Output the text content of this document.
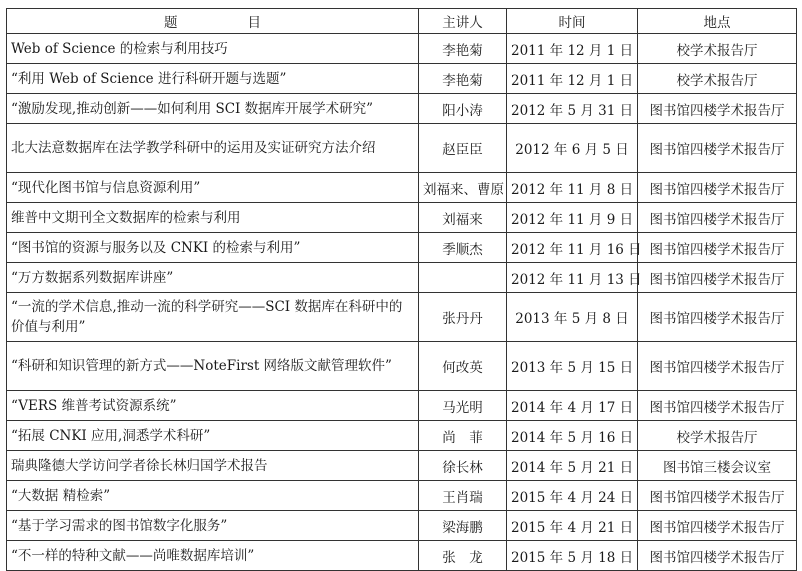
题 目	主讲人	时间	地点
Web of Science 的检索与利用技巧	李艳菊	2011 年 12 月 1 日	校学术报告厅
“利用 Web of Science 进行科研开题与选题”	李艳菊	2011 年 12 月 1 日	校学术报告厅
“激励发现,推动创新——如何利用 SCI 数据库开展学术研究”	阳小涛	2012 年 5 月 31 日	图书馆四楼学术报告厅
北大法意数据库在法学教学科研中的运用及实证研究方法介绍	赵臣臣	2012 年 6 月 5 日	图书馆四楼学术报告厅
“现代化图书馆与信息资源利用”	刘福来、曹原	2012 年 11 月 8 日	图书馆四楼学术报告厅
维普中文期刊全文数据库的检索与利用	刘福来	2012 年 11 月 9 日	图书馆四楼学术报告厅
“图书馆的资源与服务以及 CNKI 的检索与利用”	季顺杰	2012 年 11 月 16 日	图书馆四楼学术报告厅
“万方数据系列数据库讲座”		2012 年 11 月 13 日	图书馆四楼学术报告厅
“一流的学术信息,推动一流的科学研究——SCI 数据库在科研中的价值与利用”	张丹丹	2013 年 5 月 8 日	图书馆四楼学术报告厅
“科研和知识管理的新方式——NoteFirst 网络版文献管理软件”	何改英	2013 年 5 月 15 日	图书馆四楼学术报告厅
“VERS 维普考试资源系统”	马光明	2014 年 4 月 17 日	图书馆四楼学术报告厅
“拓展 CNKI 应用,洞悉学术科研”	尚　菲	2014 年 5 月 16 日	校学术报告厅
瑞典隆德大学访问学者徐长林归国学术报告	徐长林	2014 年 5 月 21 日	图书馆三楼会议室
“大数据 精检索”	王肖瑞	2015 年 4 月 24 日	图书馆四楼学术报告厅
“基于学习需求的图书馆数字化服务”	梁海鹏	2015 年 4 月 21 日	图书馆四楼学术报告厅
“不一样的特种文献——尚唯数据库培训”	张　龙	2015 年 5 月 18 日	图书馆四楼学术报告厅
